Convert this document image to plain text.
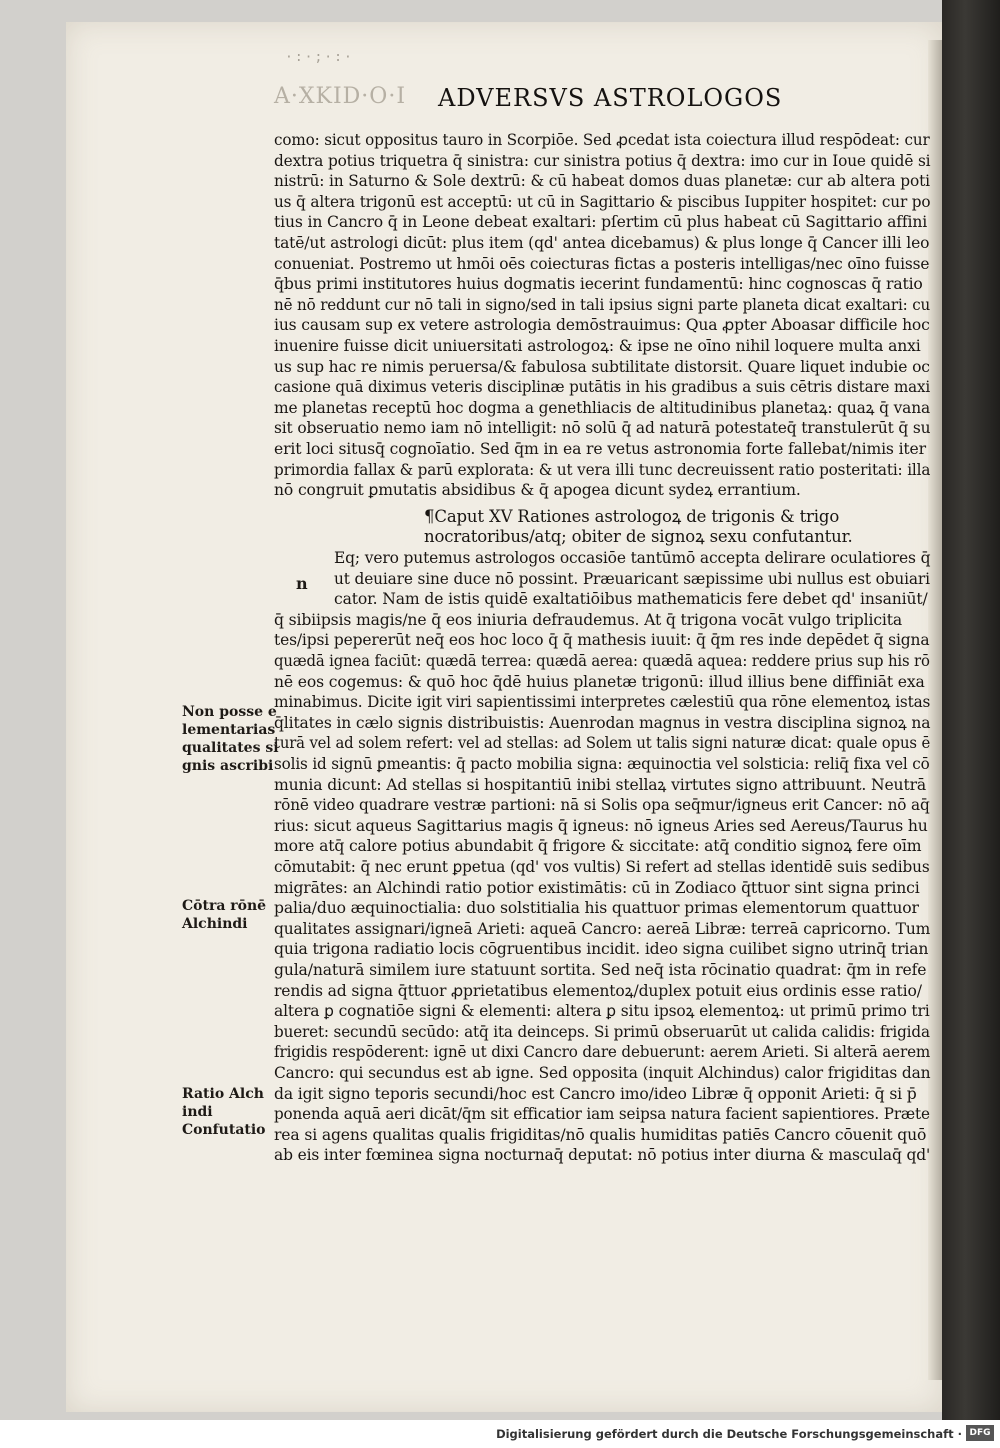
·:·;·:·
A·XKID·O·I ADVERSVS ASTROLOGOS
como: sicut oppositus tauro in Scorpiōe. Sed ꝓcedat ista coiectura illud respōdeat: cur
dextra potius triquetra q̄ sinistra: cur sinistra potius q̄ dextra: imo cur in Ioue quidē si
nistrū: in Saturno & Sole dextrū: & cū habeat domos duas planetæ: cur ab altera poti
us q̄ altera trigonū est acceptū: ut cū in Sagittario & piscibus Iuppiter hospitet: cur po
tius in Cancro q̄ in Leone debeat exaltari: pſertim cū plus habeat cū Sagittario affini
tatē/ut astrologi dicūt: plus item (qd' antea dicebamus) & plus longe q̄ Cancer illi leo
conueniat. Postremo ut hmōi oēs coiecturas fictas a posteris intelligas/nec oīno fuisse
q̄bus primi institutores huius dogmatis iecerint fundamentū: hinc cognoscas q̄ ratio
nē nō reddunt cur nō tali in signo/sed in tali ipsius signi parte planeta dicat exaltari: cu
ius causam sup ex vetere astrologia demōstrauimus: Qua ꝓpter Aboasar difficile hoc
inuenire fuisse dicit uniuersitati astrologoꝝ: & ipse ne oīno nihil loquere multa anxi
us sup hac re nimis peruersa/& fabulosa subtilitate distorsit. Quare liquet indubie oc
casione quā diximus veteris disciplinæ putātis in his gradibus a suis cētris distare maxi
me planetas receptū hoc dogma a genethliacis de altitudinibus planetaꝝ: quaꝝ q̄ vana
sit obseruatio nemo iam nō intelligit: nō solū q̄ ad naturā potestateq̄ transtulerūt q̄ su
erit loci situsq̄ cognoīatio. Sed q̄m in ea re vetus astronomia forte fallebat/nimis iter
primordia fallax & parū explorata: & ut vera illi tunc decreuissent ratio posteritati: illa
nō congruit ꝑmutatis absidibus & q̄ apogea dicunt sydeꝝ errantium.
¶Caput XV Rationes astrologoꝝ de trigonis & trigo
nocratoribus/atq; obiter de signoꝝ sexu confutantur.
Eq; vero putemus astrologos occasiōe tantūmō accepta delirare oculatiores q̄
ut deuiare sine duce nō possint. Præuaricant sæpissime ubi nullus est obuiari
cator. Nam de istis quidē exaltatiōibus mathematicis fere debet qd' insaniūt/
q̄ sibiipsis magis/ne q̄ eos iniuria defraudemus. At q̄ trigona vocāt vulgo triplicita
tes/ipsi pepererūt neq̄ eos hoc loco q̄ q̄ mathesis iuuit: q̄ q̄m res inde depēdet q̄ signa
quædā ignea faciūt: quædā terrea: quædā aerea: quædā aquea: reddere prius sup his rō
nē eos cogemus: & quō hoc q̄dē huius planetæ trigonū: illud illius bene diffiniāt exa
minabimus. Dicite igit viri sapientissimi interpretes cælestiū qua rōne elementoꝝ istas
q̄litates in cælo signis distribuistis: Auenrodan magnus in vestra disciplina signoꝝ na
turā vel ad solem refert: vel ad stellas: ad Solem ut talis signi naturæ dicat: quale opus ē
solis id signū ꝑmeantis: q̄ pacto mobilia signa: æquinoctia vel solsticia: reliq̄ fixa vel cō
munia dicunt: Ad stellas si hospitantiū inibi stellaꝝ virtutes signo attribuunt. Neutrā
rōnē video quadrare vestræ partioni: nā si Solis opa seq̄mur/igneus erit Cancer: nō aq̄
rius: sicut aqueus Sagittarius magis q̄ igneus: nō igneus Aries sed Aereus/Taurus hu
more atq̄ calore potius abundabit q̄ frigore & siccitate: atq̄ conditio signoꝝ fere oīm
cōmutabit: q̄ nec erunt ꝑpetua (qd' vos vultis) Si refert ad stellas identidē suis sedibus
migrātes: an Alchindi ratio potior existimātis: cū in Zodiaco q̄ttuor sint signa princi
palia/duo æquinoctialia: duo solstitialia his quattuor primas elementorum quattuor
qualitates assignari/igneā Arieti: aqueā Cancro: aereā Libræ: terreā capricorno. Tum
quia trigona radiatio locis cōgruentibus incidit. ideo signa cuilibet signo utrinq̄ trian
gula/naturā similem iure statuunt sortita. Sed neq̄ ista rōcinatio quadrat: q̄m in refe
rendis ad signa q̄ttuor ꝓprietatibus elementoꝝ/duplex potuit eius ordinis esse ratio/
altera ꝑ cognatiōe signi & elementi: altera ꝑ situ ipsoꝝ elementoꝝ: ut primū primo tri
bueret: secundū secūdo: atq̄ ita deinceps. Si primū obseruarūt ut calida calidis: frigida
frigidis respōderent: ignē ut dixi Cancro dare debuerunt: aerem Arieti. Si alterā aerem
Cancro: qui secundus est ab igne. Sed opposita (inquit Alchindus) calor frigiditas dan
da igit signo teporis secundi/hoc est Cancro imo/ideo Libræ q̄ opponit Arieti: q̄ si p̄
ponenda aquā aeri dicāt/q̄m sit efficatior iam seipsa natura facient sapientiores. Præte
rea si agens qualitas qualis frigiditas/nō qualis humiditas patiēs Cancro cōuenit quō
ab eis inter fœminea signa nocturnaq̄ deputat: nō potius inter diurna & masculaq̄ qd'
n
Non posse e
lementarias
qualitates si
gnis ascribi
Cōtra rōnē
Alchindi
Ratio Alch
indi
Confutatio
Digitalisierung gefördert durch die Deutsche Forschungsgemeinschaft · DFG
